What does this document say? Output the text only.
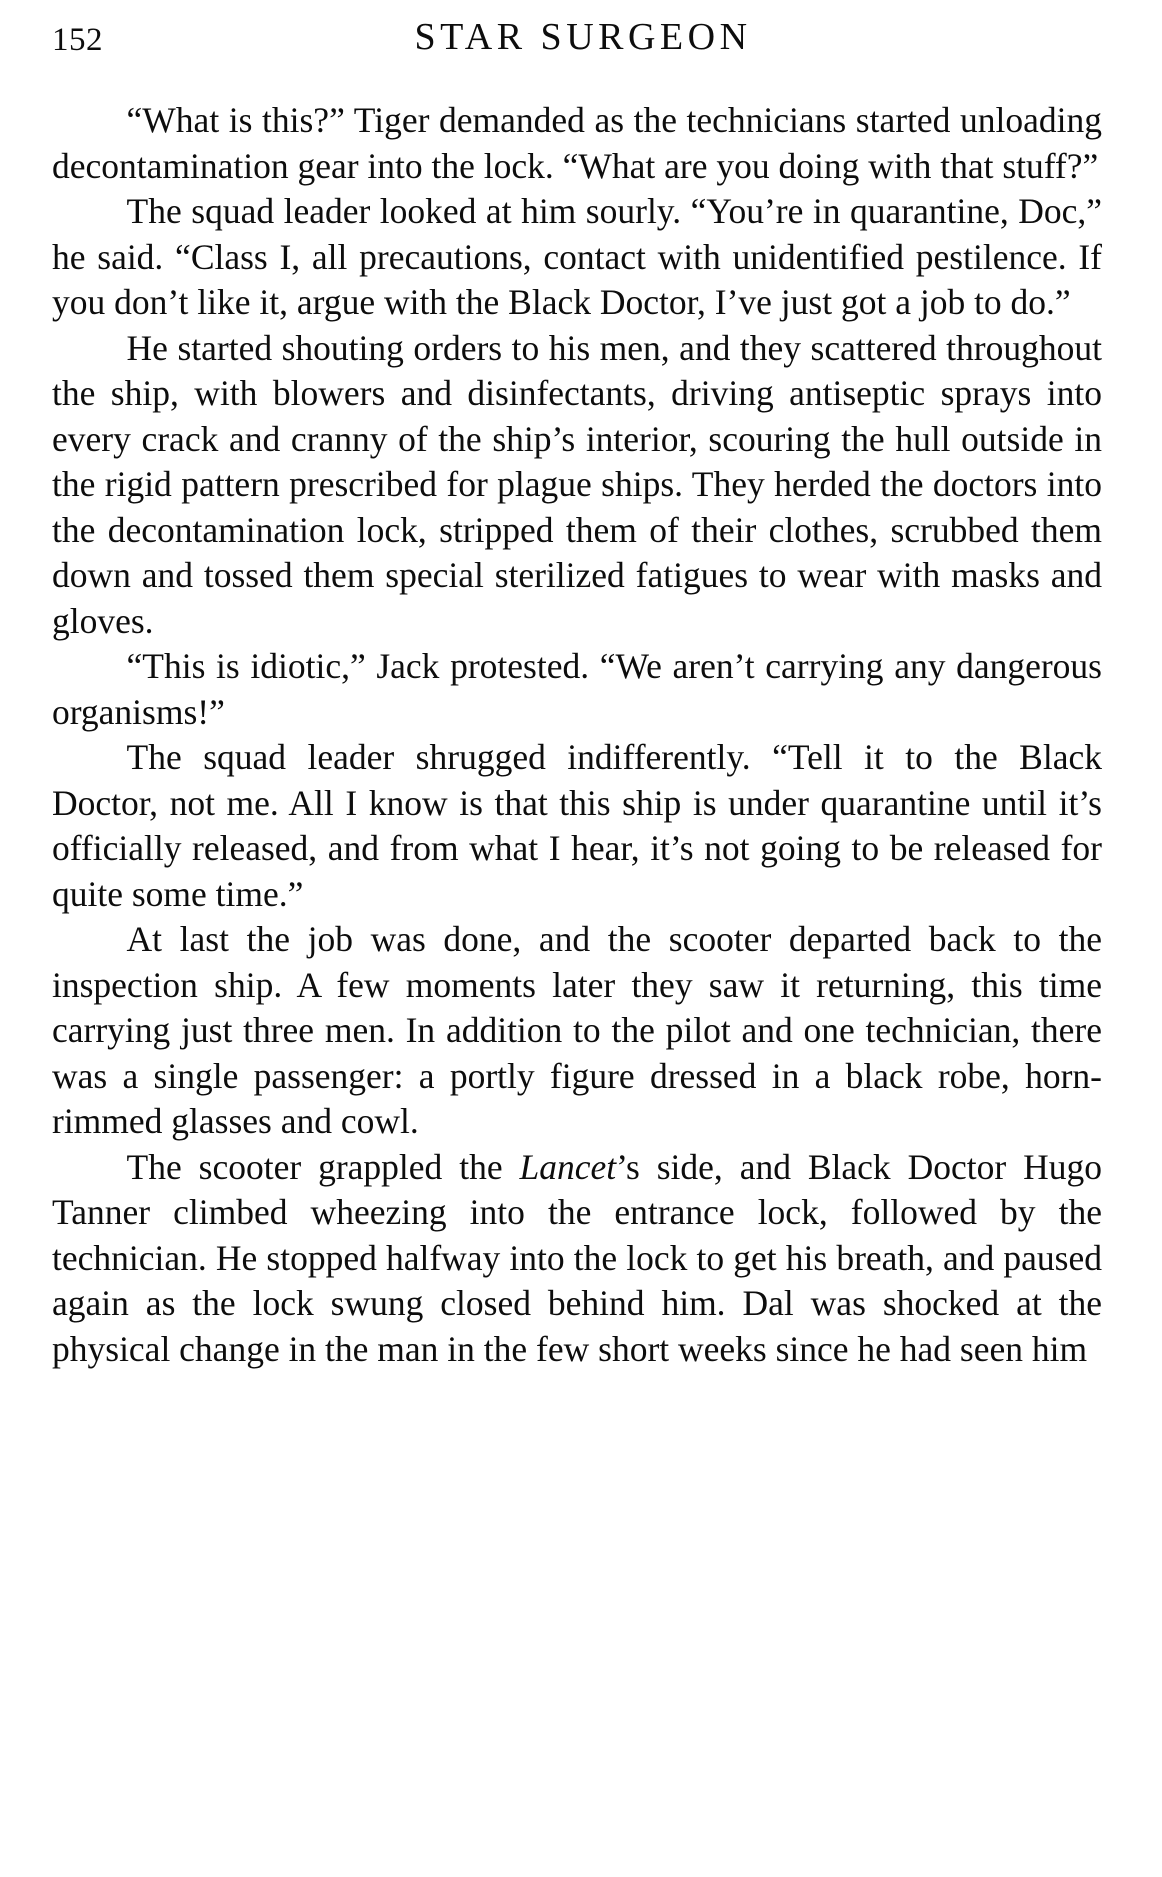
152	STAR SURGEON

“What is this?” Tiger demanded as the technicians started unloading decontamination gear into the lock. “What are you doing with that stuff?”

The squad leader looked at him sourly. “You’re in quarantine, Doc,” he said. “Class I, all precautions, contact with unidentified pestilence. If you don’t like it, argue with the Black Doctor, I’ve just got a job to do.”

He started shouting orders to his men, and they scattered throughout the ship, with blowers and disinfectants, driving antiseptic sprays into every crack and cranny of the ship’s interior, scouring the hull outside in the rigid pattern prescribed for plague ships. They herded the doctors into the decontamination lock, stripped them of their clothes, scrubbed them down and tossed them special sterilized fatigues to wear with masks and gloves.

“This is idiotic,” Jack protested. “We aren’t carrying any dangerous organisms!”

The squad leader shrugged indifferently. “Tell it to the Black Doctor, not me. All I know is that this ship is under quarantine until it’s officially released, and from what I hear, it’s not going to be released for quite some time.”

At last the job was done, and the scooter departed back to the inspection ship. A few moments later they saw it returning, this time carrying just three men. In addition to the pilot and one technician, there was a single passenger: a portly figure dressed in a black robe, horn-rimmed glasses and cowl.

The scooter grappled the Lancet’s side, and Black Doctor Hugo Tanner climbed wheezing into the entrance lock, followed by the technician. He stopped halfway into the lock to get his breath, and paused again as the lock swung closed behind him. Dal was shocked at the physical change in the man in the few short weeks since he had seen him
